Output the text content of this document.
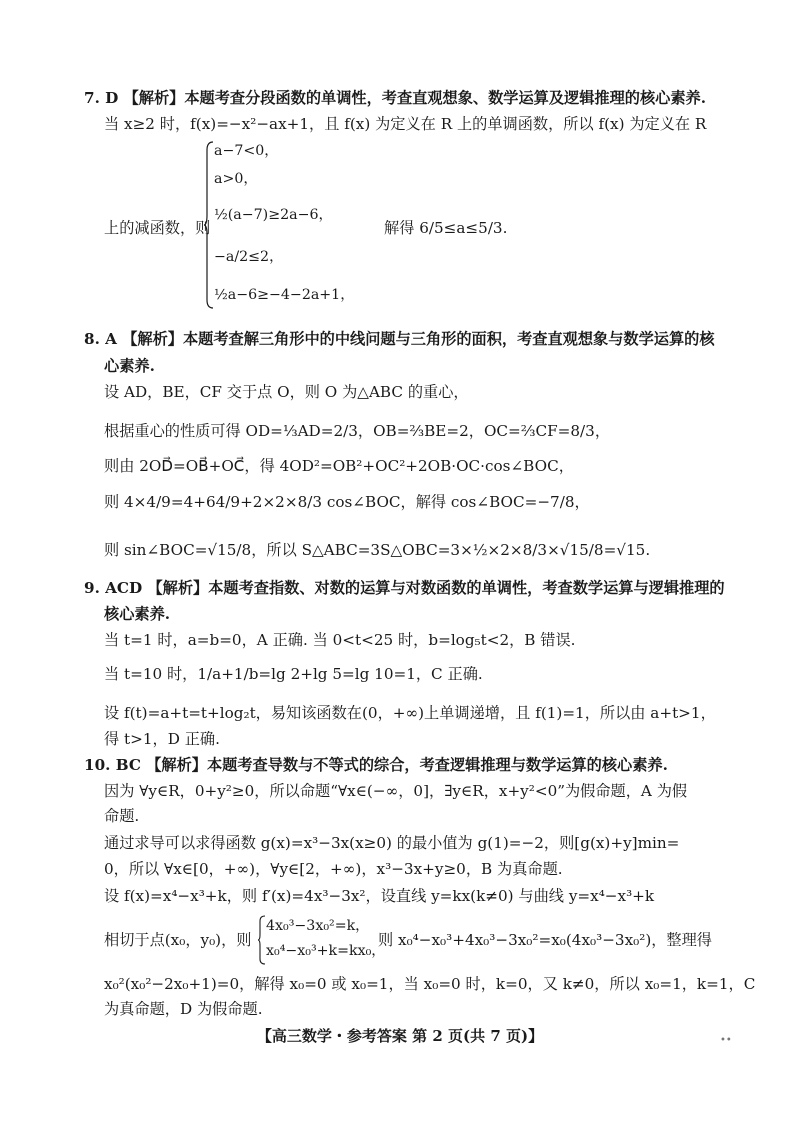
7. D 【解析】本题考查分段函数的单调性，考查直观想象、数学运算及逻辑推理的核心素养.
当 x≥2 时，f(x)=−x²−ax+1，且 f(x) 为定义在 R 上的单调函数，所以 f(x) 为定义在 R
上的减函数，则
a−7<0，
a>0，
½(a−7)≥2a−6，
−a/2≤2，
½a−6≥−4−2a+1，
解得 6/5≤a≤5/3.
8. A 【解析】本题考查解三角形中的中线问题与三角形的面积，考查直观想象与数学运算的核
心素养.
设 AD，BE，CF 交于点 O，则 O 为△ABC 的重心，
根据重心的性质可得 OD=⅓AD=2/3，OB=⅔BE=2，OC=⅔CF=8/3，
则由 2OD⃗=OB⃗+OC⃗，得 4OD²=OB²+OC²+2OB·OC·cos∠BOC，
则 4×4/9=4+64/9+2×2×8/3 cos∠BOC，解得 cos∠BOC=−7/8，
则 sin∠BOC=√15/8，所以 S△ABC=3S△OBC=3×½×2×8/3×√15/8=√15.
9. ACD 【解析】本题考查指数、对数的运算与对数函数的单调性，考查数学运算与逻辑推理的
核心素养.
当 t=1 时，a=b=0，A 正确. 当 0<t<25 时，b=log₅t<2，B 错误.
当 t=10 时，1/a+1/b=lg 2+lg 5=lg 10=1，C 正确.
设 f(t)=a+t=t+log₂t，易知该函数在(0，+∞)上单调递增，且 f(1)=1，所以由 a+t>1，
得 t>1，D 正确.
10. BC 【解析】本题考查导数与不等式的综合，考查逻辑推理与数学运算的核心素养.
因为 ∀y∈R，0+y²≥0，所以命题“∀x∈(−∞，0]，∃y∈R，x+y²<0”为假命题，A 为假
命题.
通过求导可以求得函数 g(x)=x³−3x(x≥0) 的最小值为 g(1)=−2，则[g(x)+y]min=
0，所以 ∀x∈[0，+∞)，∀y∈[2，+∞)，x³−3x+y≥0，B 为真命题.
设 f(x)=x⁴−x³+k，则 f′(x)=4x³−3x²，设直线 y=kx(k≠0) 与曲线 y=x⁴−x³+k
相切于点(x₀，y₀)，则
4x₀³−3x₀²=k，
x₀⁴−x₀³+k=kx₀，
则 x₀⁴−x₀³+4x₀³−3x₀²=x₀(4x₀³−3x₀²)，整理得
x₀²(x₀²−2x₀+1)=0，解得 x₀=0 或 x₀=1，当 x₀=0 时，k=0，又 k≠0，所以 x₀=1，k=1，C
为真命题，D 为假命题.
【高三数学・参考答案 第 2 页(共 7 页)】	••
